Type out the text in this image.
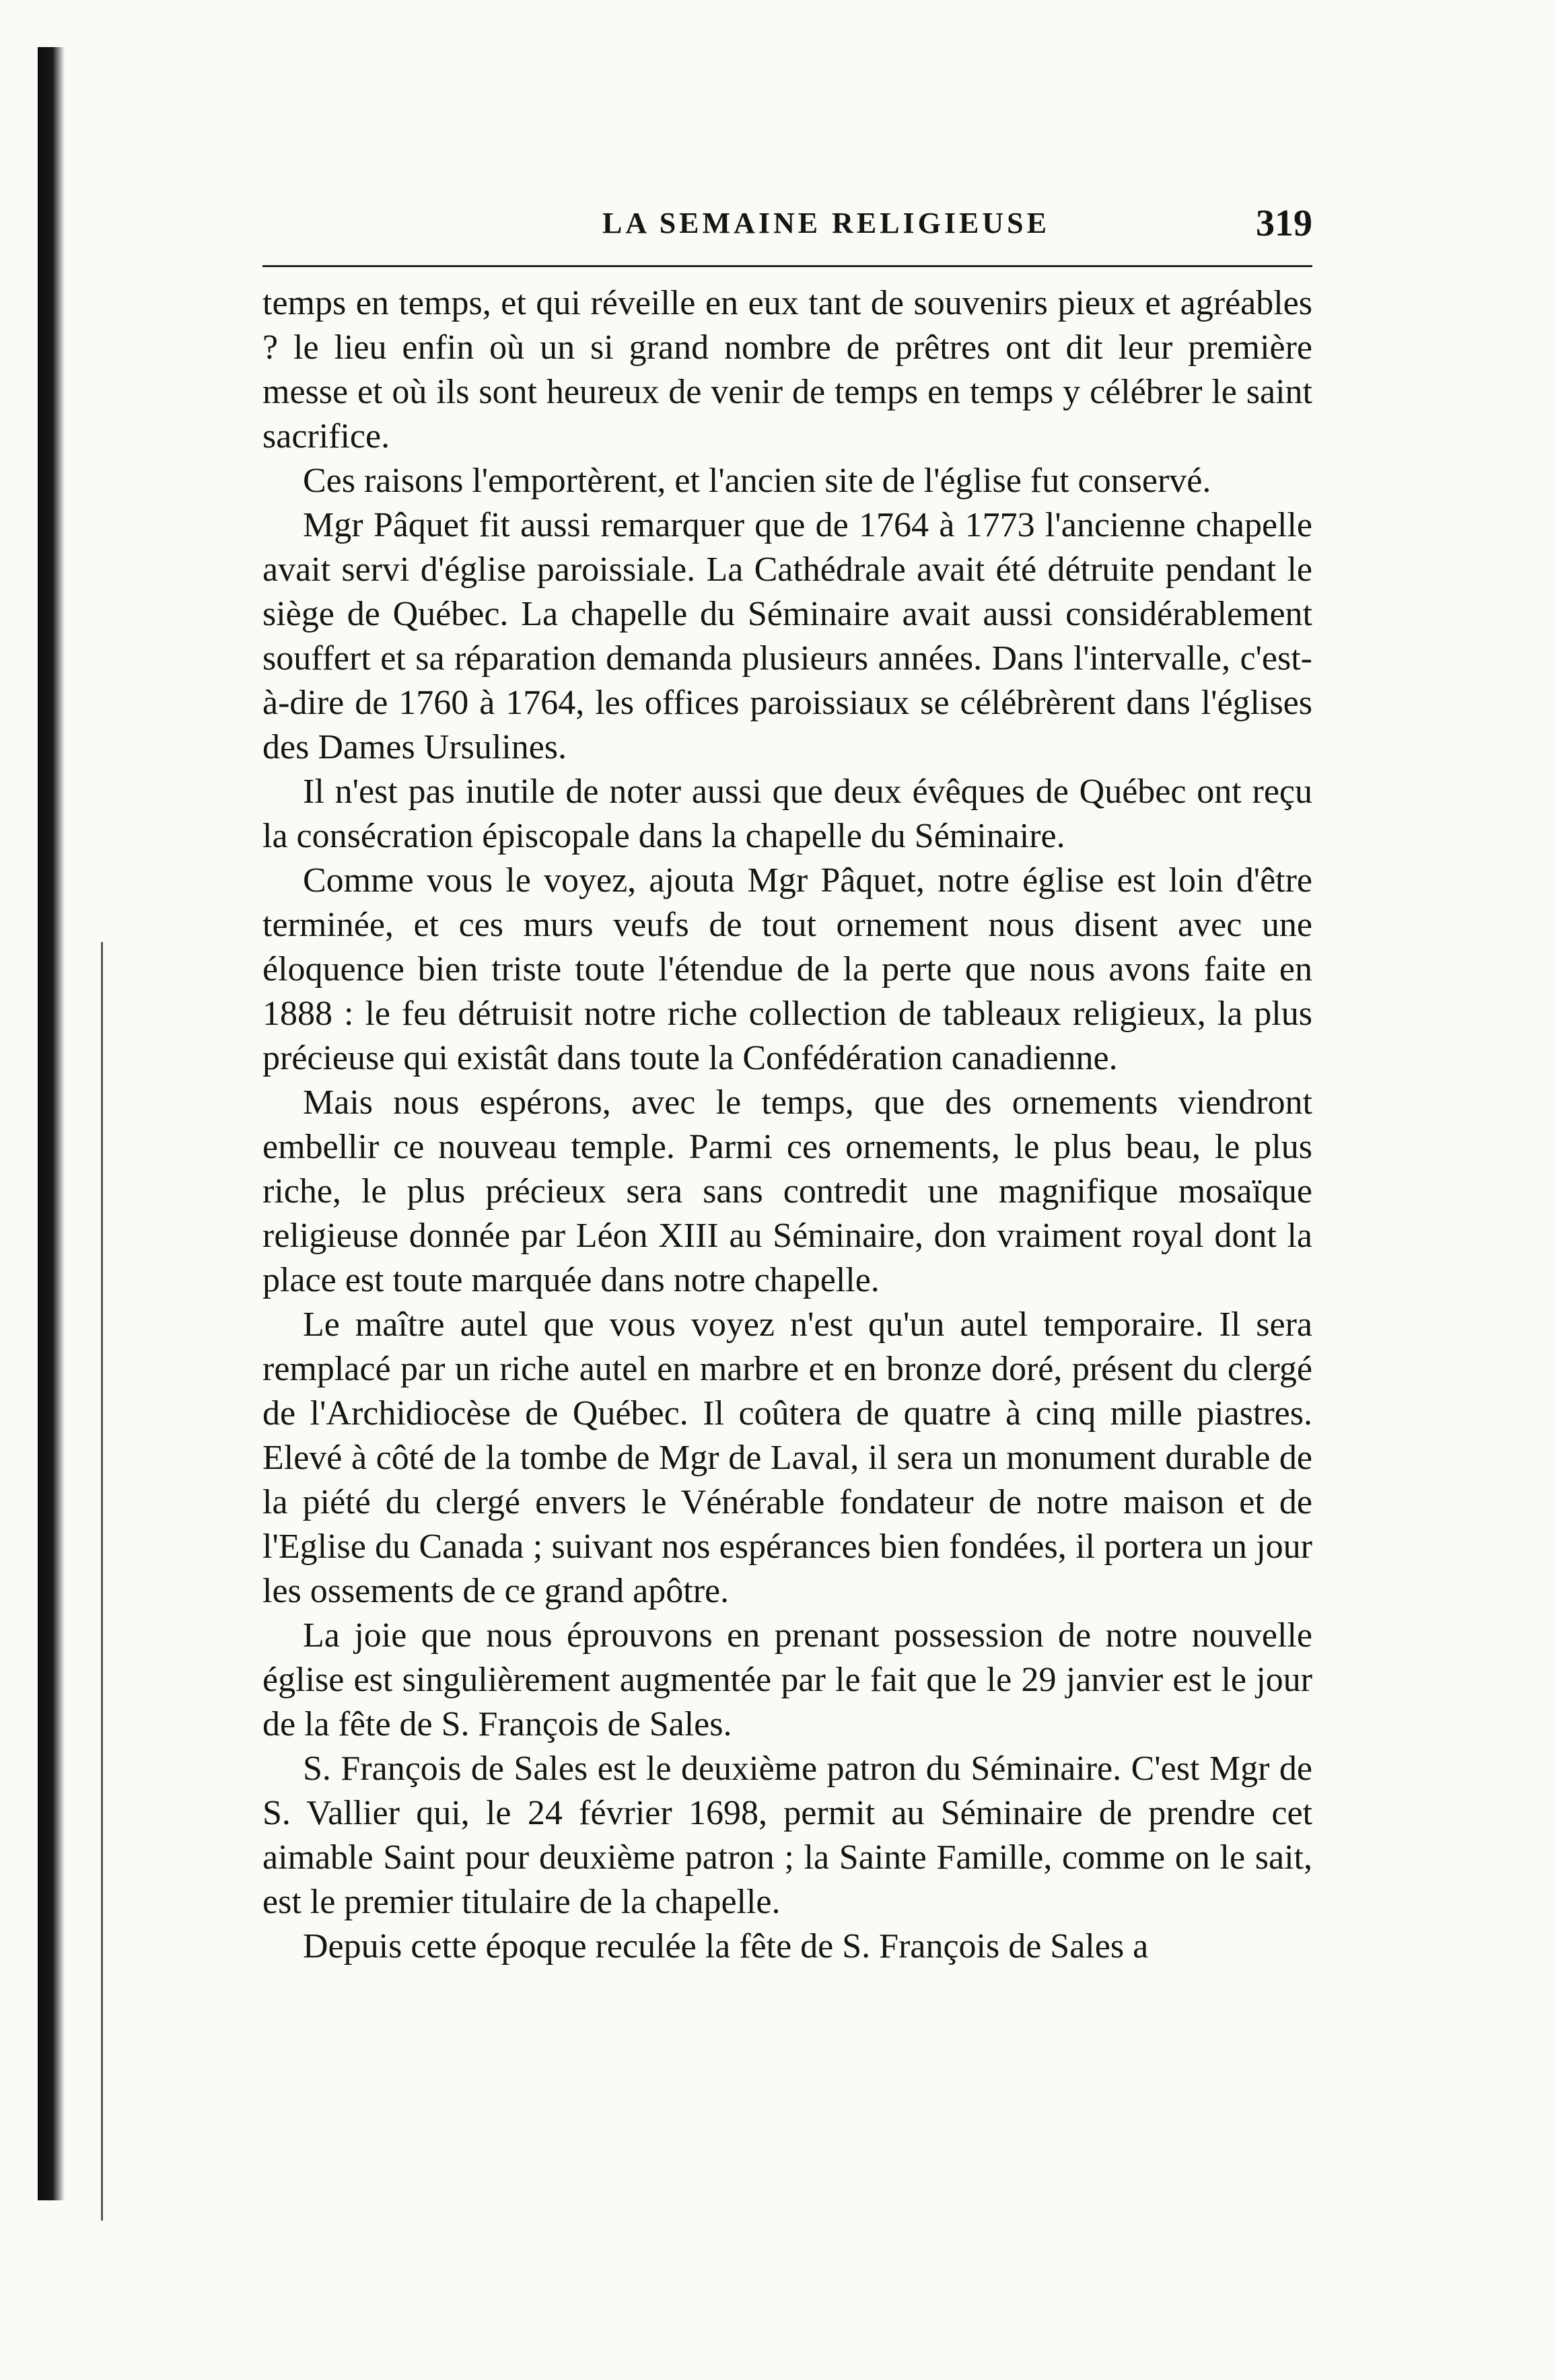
LA SEMAINE RELIGIEUSE	319

temps en temps, et qui réveille en eux tant de souvenirs pieux et agréables ? le lieu enfin où un si grand nombre de prêtres ont dit leur première messe et où ils sont heureux de venir de temps en temps y célébrer le saint sacrifice.

Ces raisons l'emportèrent, et l'ancien site de l'église fut conservé.

Mgr Pâquet fit aussi remarquer que de 1764 à 1773 l'ancienne chapelle avait servi d'église paroissiale. La Cathédrale avait été détruite pendant le siège de Québec. La chapelle du Séminaire avait aussi considérablement souffert et sa réparation demanda plusieurs années. Dans l'intervalle, c'est-à-dire de 1760 à 1764, les offices paroissiaux se célébrèrent dans l'églises des Dames Ursulines.

Il n'est pas inutile de noter aussi que deux évêques de Québec ont reçu la consécration épiscopale dans la chapelle du Séminaire.

Comme vous le voyez, ajouta Mgr Pâquet, notre église est loin d'être terminée, et ces murs veufs de tout ornement nous disent avec une éloquence bien triste toute l'étendue de la perte que nous avons faite en 1888 : le feu détruisit notre riche collection de tableaux religieux, la plus précieuse qui existât dans toute la Confédération canadienne.

Mais nous espérons, avec le temps, que des ornements viendront embellir ce nouveau temple. Parmi ces ornements, le plus beau, le plus riche, le plus précieux sera sans contredit une magnifique mosaïque religieuse donnée par Léon XIII au Séminaire, don vraiment royal dont la place est toute marquée dans notre chapelle.

Le maître autel que vous voyez n'est qu'un autel temporaire. Il sera remplacé par un riche autel en marbre et en bronze doré, présent du clergé de l'Archidiocèse de Québec. Il coûtera de quatre à cinq mille piastres. Elevé à côté de la tombe de Mgr de Laval, il sera un monument durable de la piété du clergé envers le Vénérable fondateur de notre maison et de l'Eglise du Canada ; suivant nos espérances bien fondées, il portera un jour les ossements de ce grand apôtre.

La joie que nous éprouvons en prenant possession de notre nouvelle église est singulièrement augmentée par le fait que le 29 janvier est le jour de la fête de S. François de Sales.

S. François de Sales est le deuxième patron du Séminaire. C'est Mgr de S. Vallier qui, le 24 février 1698, permit au Séminaire de prendre cet aimable Saint pour deuxième patron ; la Sainte Famille, comme on le sait, est le premier titulaire de la chapelle.

Depuis cette époque reculée la fête de S. François de Sales a
